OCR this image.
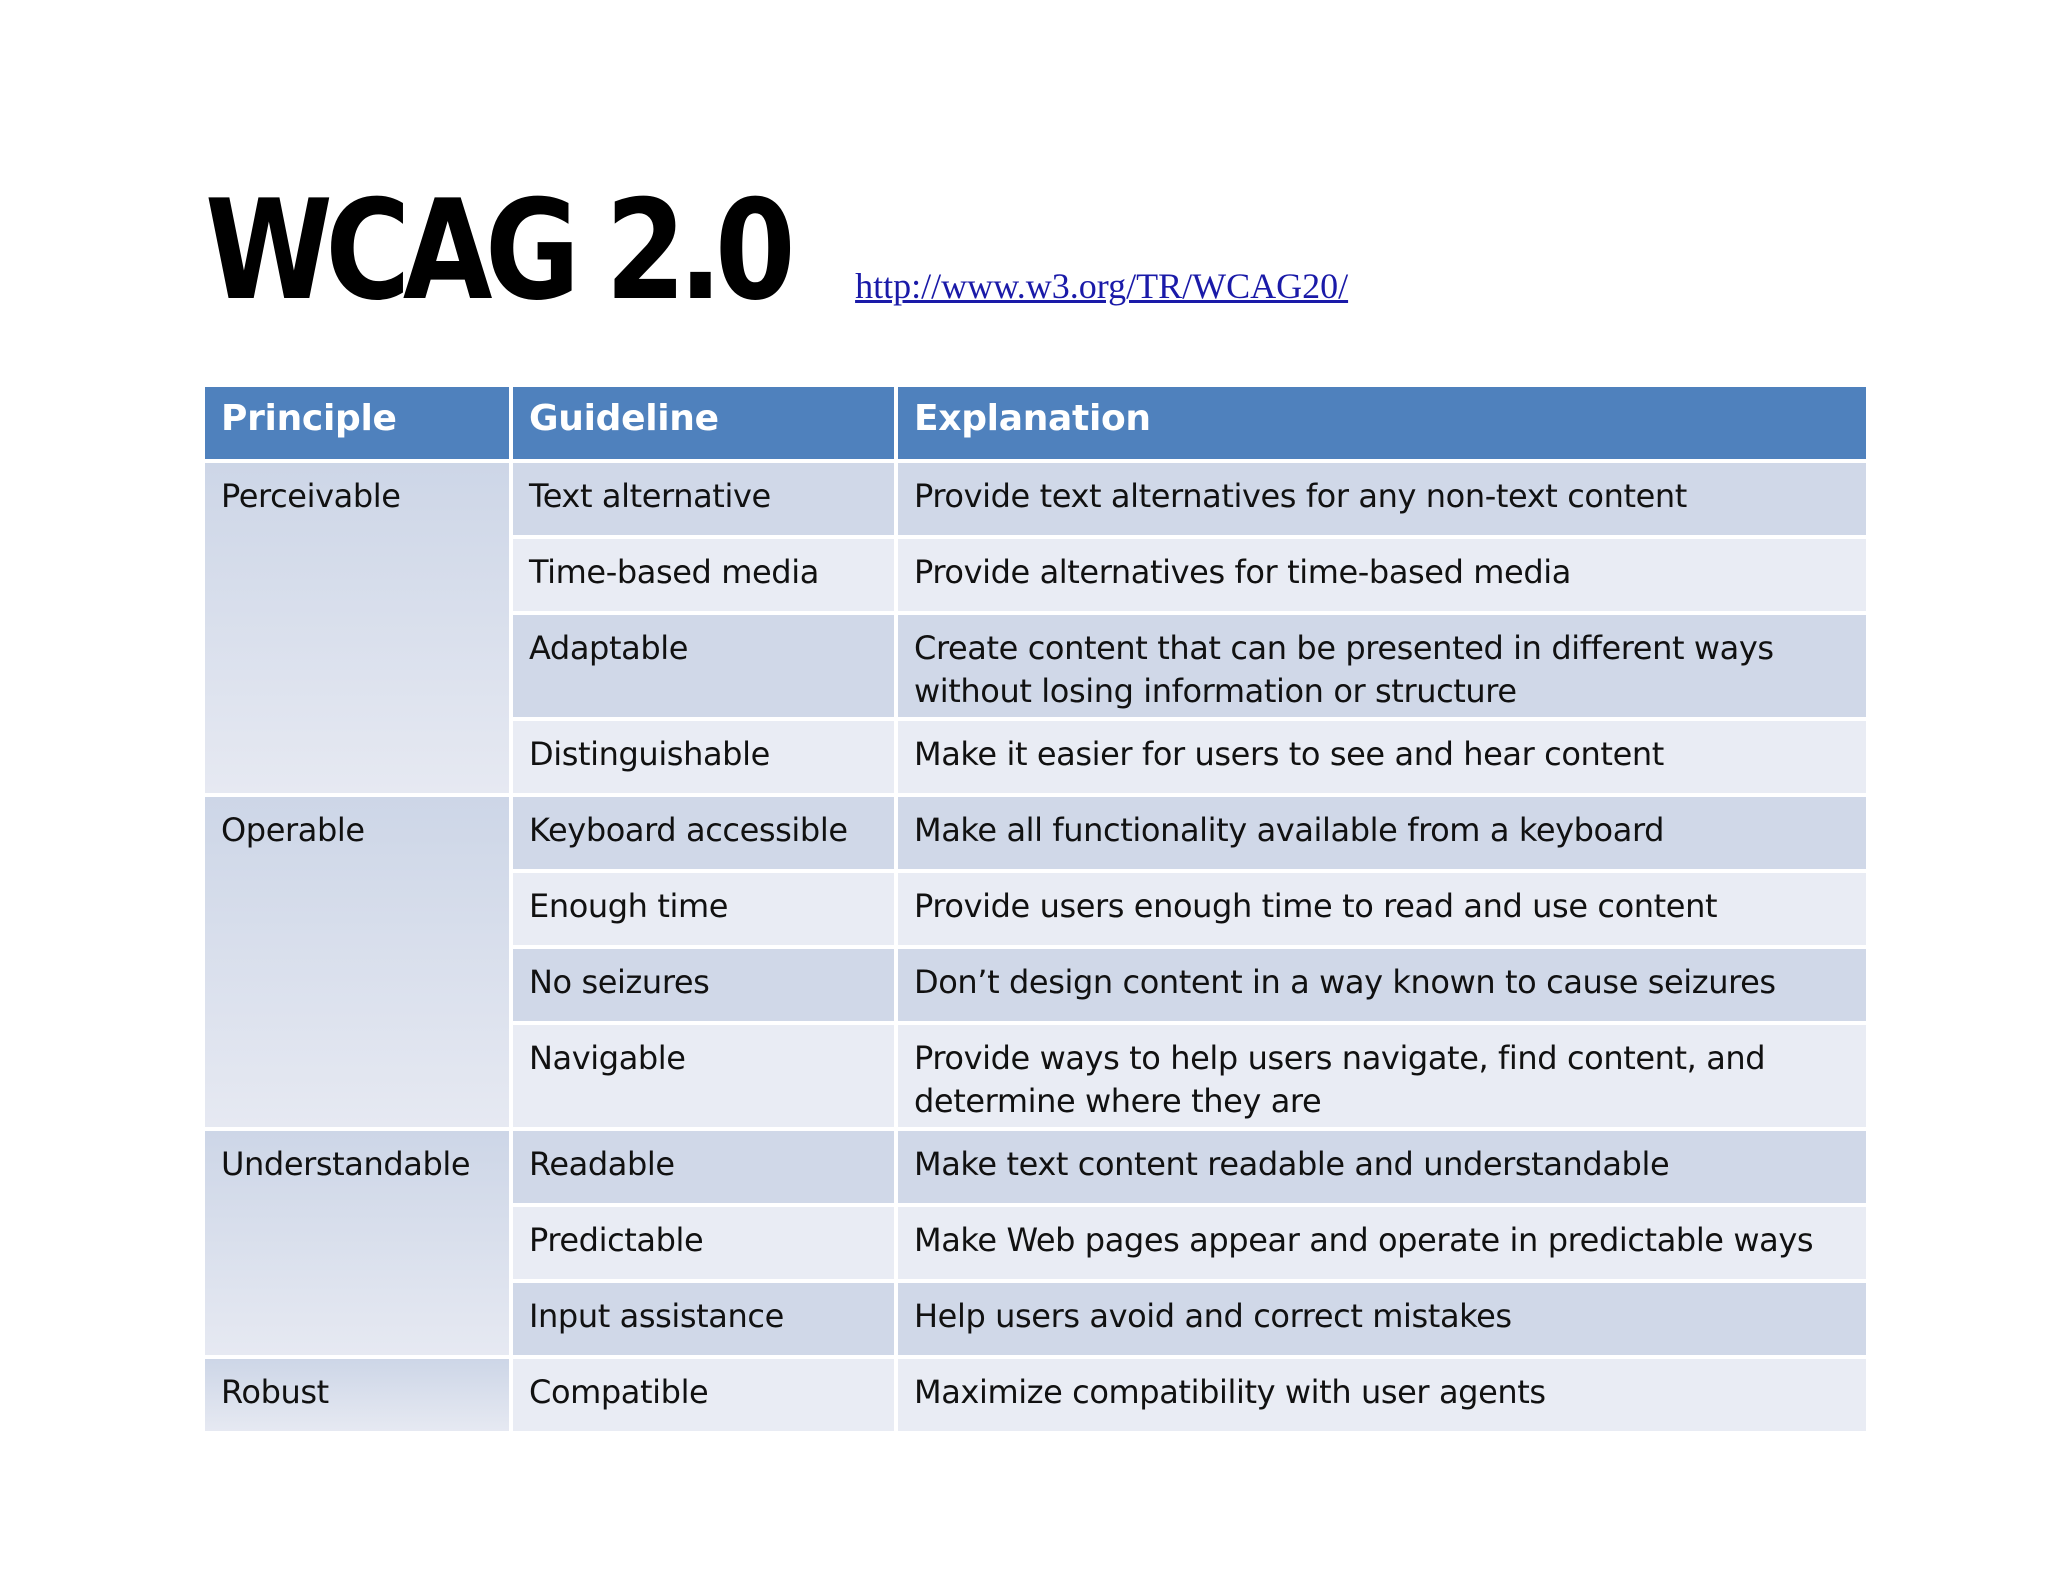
WCAG 2.0 http://www.w3.org/TR/WCAG20/
Principle	Guideline	Explanation
Perceivable	Text alternative	Provide text alternatives for any non-text content
	Time-based media	Provide alternatives for time-based media
	Adaptable	Create content that can be presented in different ways without losing information or structure
	Distinguishable	Make it easier for users to see and hear content
Operable	Keyboard accessible	Make all functionality available from a keyboard
	Enough time	Provide users enough time to read and use content
	No seizures	Don’t design content in a way known to cause seizures
	Navigable	Provide ways to help users navigate, find content, and determine where they are
Understandable	Readable	Make text content readable and understandable
	Predictable	Make Web pages appear and operate in predictable ways
	Input assistance	Help users avoid and correct mistakes
Robust	Compatible	Maximize compatibility with user agents
